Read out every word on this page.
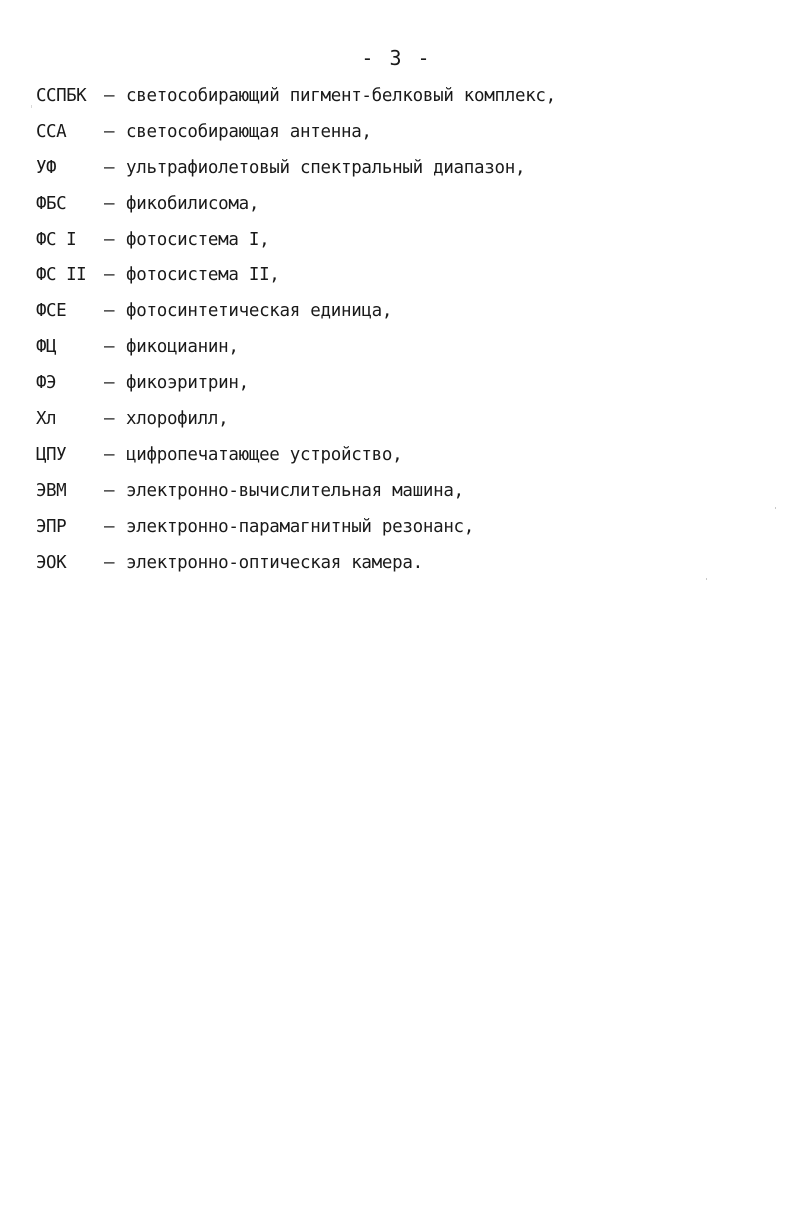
- 3 -
ССПБК	– светособирающий пигмент-белковый комплекс,
ССА	– светособирающая антенна,
УФ	– ультрафиолетовый спектральный диапазон,
ФБС	– фикобилисома,
ФС I	– фотосистема I,
ФС II	– фотосистема II,
ФСЕ	– фотосинтетическая единица,
ФЦ	– фикоцианин,
ФЭ	– фикоэритрин,
Хл	– хлорофилл,
ЦПУ	– цифропечатающее устройство,
ЭВМ	– электронно-вычислительная машина,
ЭПР	– электронно-парамагнитный резонанс,
ЭОК	– электронно-оптическая камера.
